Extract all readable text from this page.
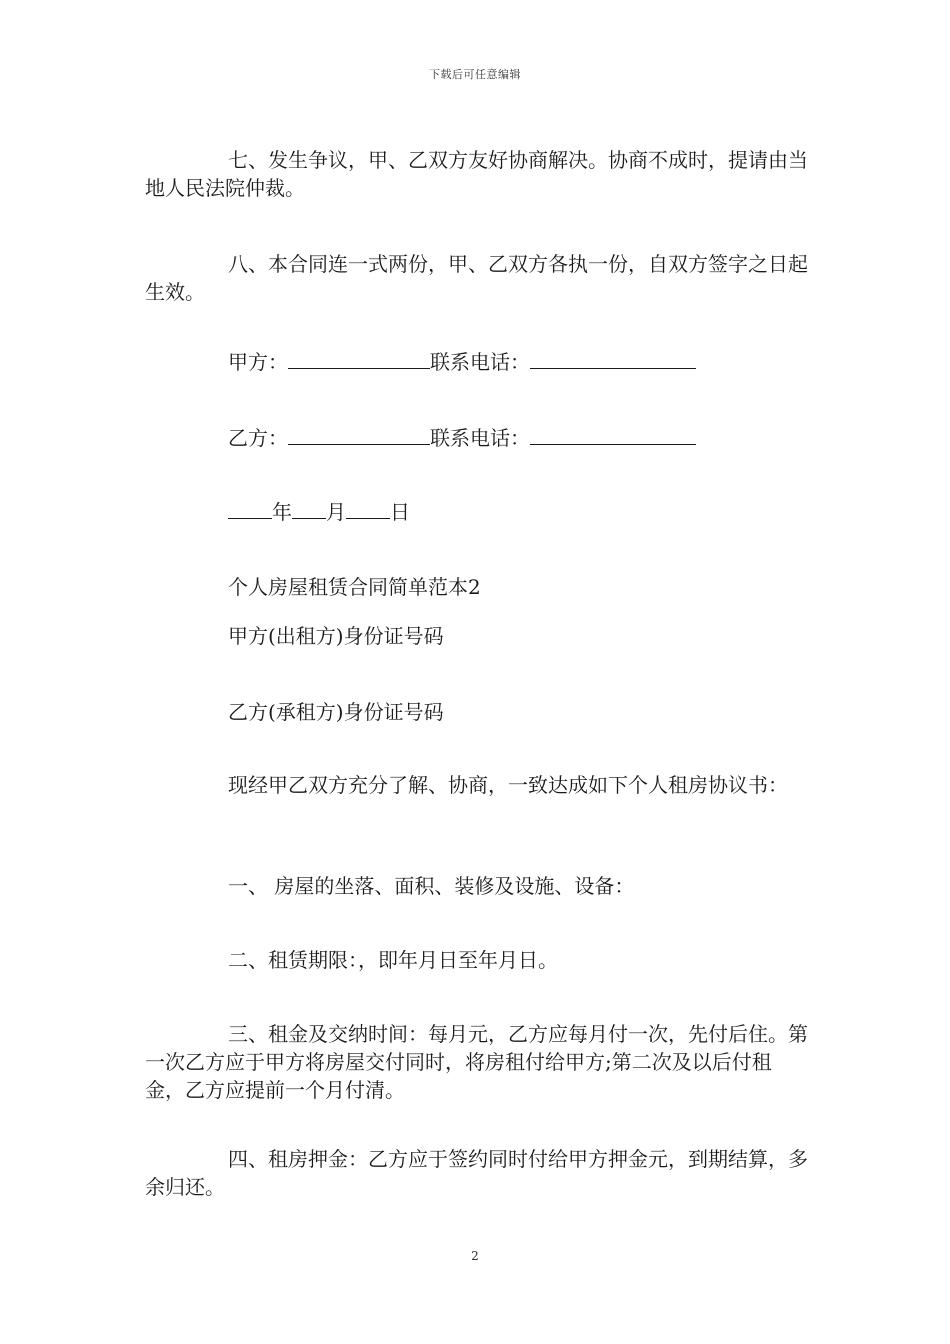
下载后可任意编辑

七、发生争议，甲、乙双方友好协商解决。协商不成时，提请由当地人民法院仲裁。

八、本合同连一式两份，甲、乙双方各执一份，自双方签字之日起生效。

甲方：	联系电话：
乙方：	联系电话：
年 月 日
个人房屋租赁合同简单范本2
甲方(出租方)身份证号码
乙方(承租方)身份证号码

现经甲乙双方充分了解、协商，一致达成如下个人租房协议书：

一、 房屋的坐落、面积、装修及设施、设备：
二、租赁期限：，即年月日至年月日。

三、租金及交纳时间：每月元，乙方应每月付一次，先付后住。第一次乙方应于甲方将房屋交付同时，将房租付给甲方;第二次及以后付租金，乙方应提前一个月付清。

四、租房押金：乙方应于签约同时付给甲方押金元，到期结算，多余归还。

2
